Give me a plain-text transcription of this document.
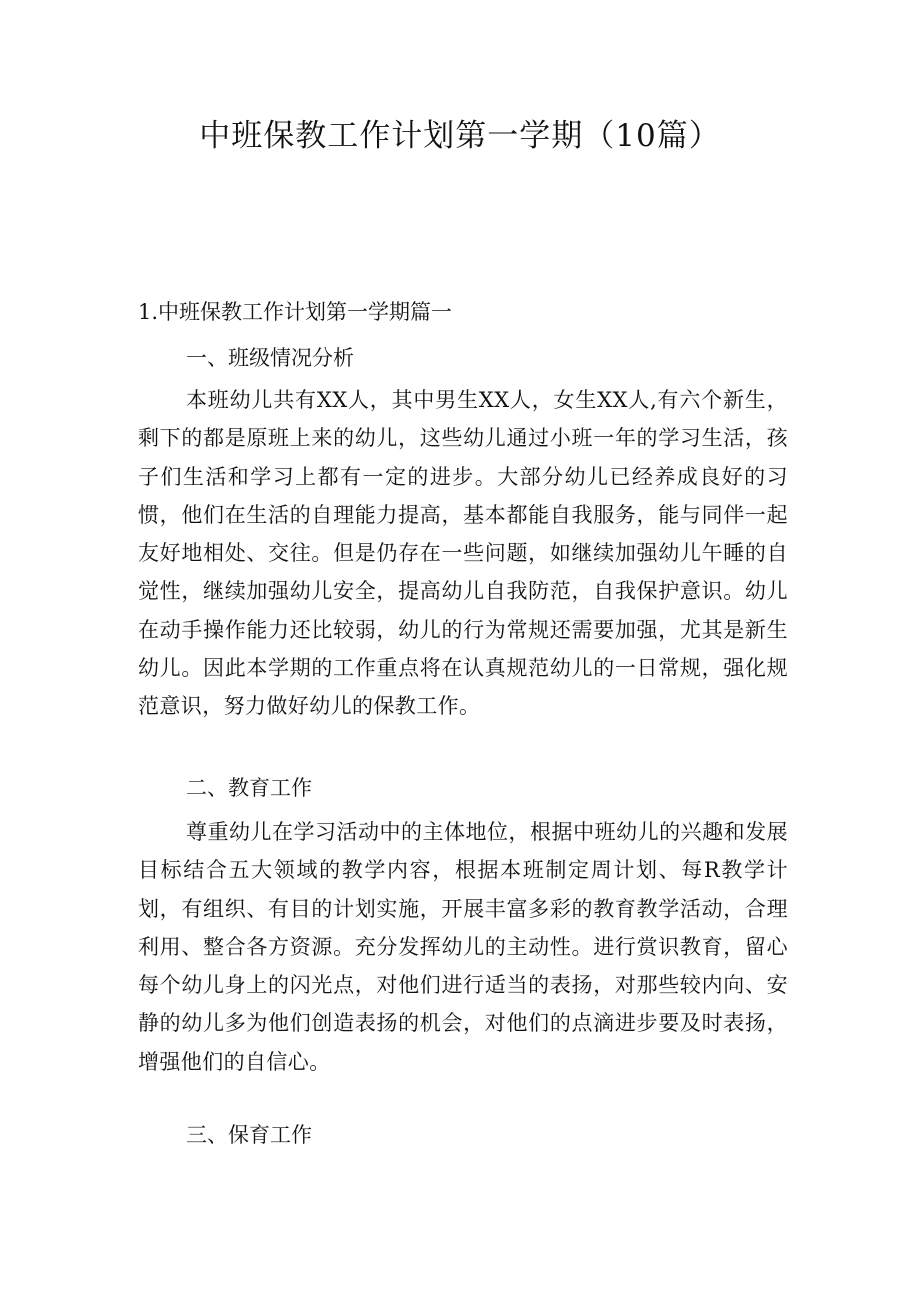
中班保教工作计划第一学期（10篇）
1.中班保教工作计划第一学期篇一
一、班级情况分析

本班幼儿共有XX人，其中男生XX人，女生XX人,有六个新生，剩下的都是原班上来的幼儿，这些幼儿通过小班一年的学习生活，孩子们生活和学习上都有一定的进步。大部分幼儿已经养成良好的习惯，他们在生活的自理能力提高，基本都能自我服务，能与同伴一起友好地相处、交往。但是仍存在一些问题，如继续加强幼儿午睡的自觉性，继续加强幼儿安全，提高幼儿自我防范，自我保护意识。幼儿在动手操作能力还比较弱，幼儿的行为常规还需要加强，尤其是新生幼儿。因此本学期的工作重点将在认真规范幼儿的一日常规，强化规范意识，努力做好幼儿的保教工作。

二、教育工作

尊重幼儿在学习活动中的主体地位，根据中班幼儿的兴趣和发展目标结合五大领域的教学内容，根据本班制定周计划、每R教学计划，有组织、有目的计划实施，开展丰富多彩的教育教学活动，合理利用、整合各方资源。充分发挥幼儿的主动性。进行赏识教育，留心每个幼儿身上的闪光点，对他们进行适当的表扬，对那些较内向、安静的幼儿多为他们创造表扬的机会，对他们的点滴进步要及时表扬，增强他们的自信心。

三、保育工作
